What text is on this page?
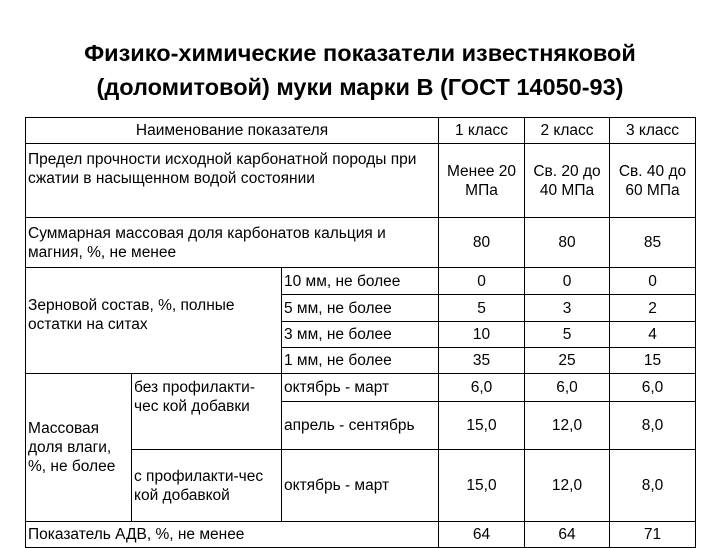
Физико-химические показатели известняковой
(доломитовой) муки марки В (ГОСТ 14050-93)
Наименование показателя			1 класс	2 класс	3 класс
Предел прочности исходной карбонатной породы при сжатии в насыщенном водой состоянии			Менее 20 МПа	Св. 20 до 40 МПа	Св. 40 до 60 МПа
Суммарная массовая доля карбонатов кальция и магния, %, не менее			80	80	85
Зерновой состав, %, полные остатки на ситах		10 мм, не более	0	0	0
		5 мм, не более	5	3	2
		3 мм, не более	10	5	4
		1 мм, не более	35	25	15
Массовая доля влаги, %, не более	без профилакти-чес кой добавки	октябрь - март	6,0	6,0	6,0
		апрель - сентябрь	15,0	12,0	8,0
	с профилакти-чес кой добавкой	октябрь - март	15,0	12,0	8,0
Показатель АДВ, %, не менее			64	64	71
